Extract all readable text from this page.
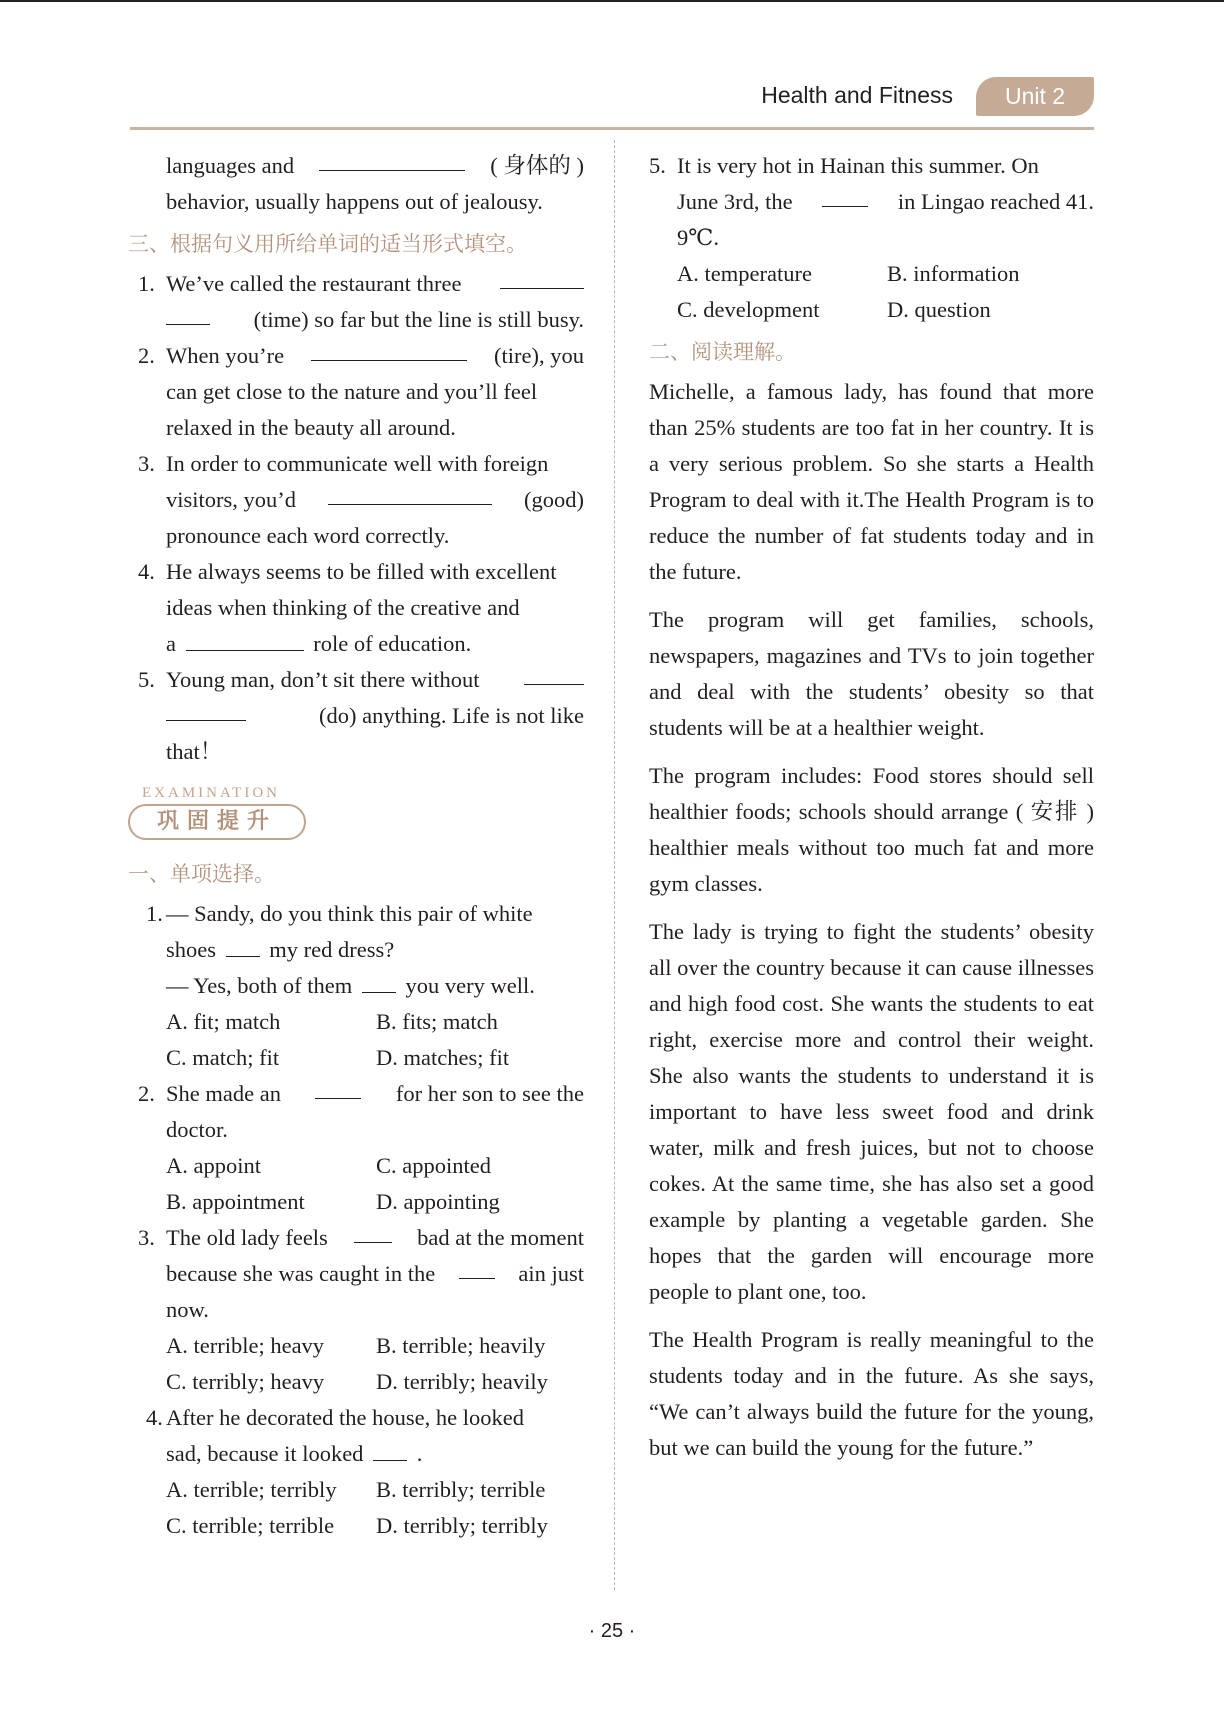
Health and Fitness	Unit 2
languages and	( 身体的 )
behavior, usually happens out of jealousy.
三、根据句义用所给单词的适当形式填空。
1. We’ve called the restaurant three
(time) so far but the line is still busy.
2. When you’re	(tire), you
can get close to the nature and you’ll feel
relaxed in the beauty all around.
3. In order to communicate well with foreign
visitors, you’d	(good)
pronounce each word correctly.
4. He always seems to be filled with excellent
ideas when thinking of the creative and
a	role of education.
5. Young man, don’t sit there without
(do) anything. Life is not like
that！
EXAMINATION
巩固提升
一、单项选择。
1. — Sandy, do you think this pair of white
shoes my red dress?
— Yes, both of them you very well.
A. fit; match	B. fits; match
C. match; fit	D. matches; fit
2. She made an	for her son to see the
doctor.
A. appoint	C. appointed
B. appointment	D. appointing
3. The old lady feels	bad at the moment
because she was caught in the	ain just
now.
A. terrible; heavy	B. terrible; heavily
C. terribly; heavy	D. terribly; heavily
4. After he decorated the house, he looked
sad, because it looked .
A. terrible; terribly	B. terribly; terrible
C. terrible; terrible	D. terribly; terribly
5. It is very hot in Hainan this summer. On
June 3rd, the	in Lingao reached 41.
9℃.
A. temperature	B. information
C. development	D. question
二、阅读理解。
Michelle, a famous lady, has found that more than 25% students are too fat in her country. It is a very serious problem. So she starts a Health Program to deal with it.The Health Program is to reduce the number of fat students today and in the future.
The program will get families, schools, newspapers, magazines and TVs to join together and deal with the students’ obesity so that students will be at a healthier weight.
The program includes: Food stores should sell healthier foods; schools should arrange ( 安排 ) healthier meals without too much fat and more gym classes.
The lady is trying to fight the students’ obesity all over the country because it can cause illnesses and high food cost. She wants the students to eat right, exercise more and control their weight. She also wants the students to understand it is important to have less sweet food and drink water, milk and fresh juices, but not to choose cokes. At the same time, she has also set a good example by planting a vegetable garden. She hopes that the garden will encourage more people to plant one, too.
The Health Program is really meaningful to the students today and in the future. As she says, “We can’t always build the future for the young, but we can build the young for the future.”
· 25 ·
